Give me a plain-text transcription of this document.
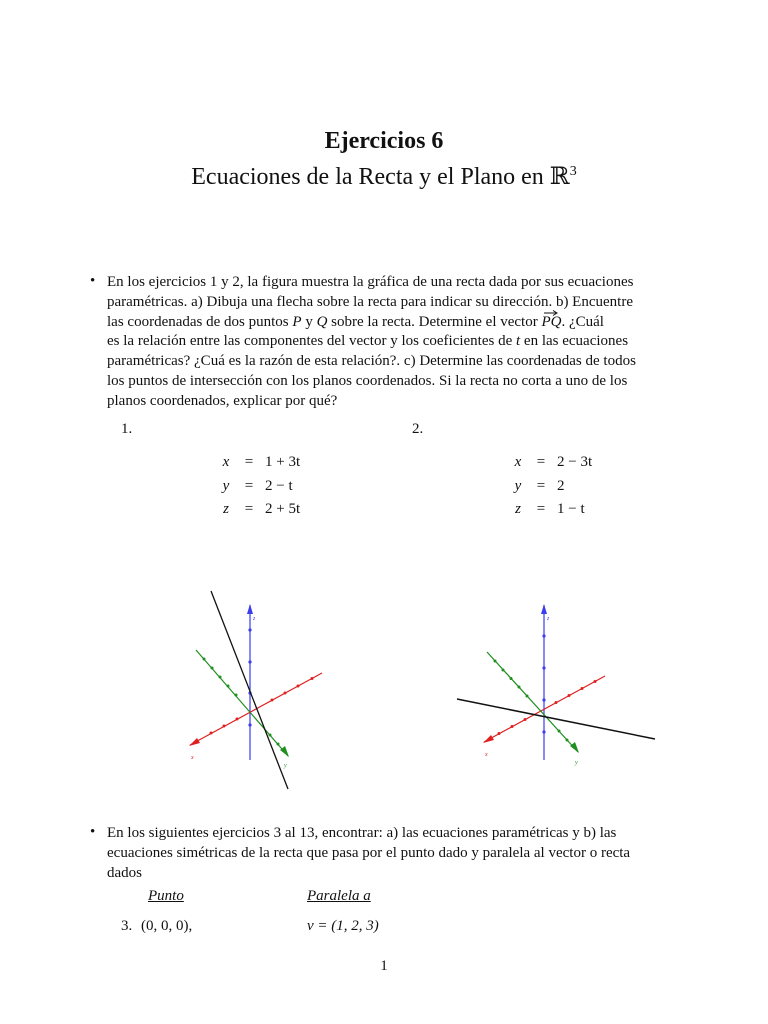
Ejercicios 6
Ecuaciones de la Recta y el Plano en ℝ$^3$
• En los ejercicios 1 y 2, la figura muestra la gráfica de una recta dada por sus ecuaciones
paramétricas. a) Dibuja una flecha sobre la recta para indicar su dirección. b) Encuentre
las coordenadas de dos puntos P y Q sobre la recta. Determine el vector PQ
. ¿Cuál
es la relación entre las componentes del vector y los coeficientes de t en las ecuaciones
paramétricas? ¿Cuá es la razón de esta relación?. c) Determine las coordenadas de todos
los puntos de intersección con los planos coordenados. Si la recta no corta a uno de los
planos coordenados, explicar por qué?
1.	2.
x	= 1 + 3t
y	= 2 − t
z	= 2 + 5t
x	= 2 − 3t
y	= 2
z	= 1 − t
z
x
y
z
x
y
• En los siguientes ejercicios 3 al 13, encontrar: a) las ecuaciones paramétricas y b) las
ecuaciones simétricas de la recta que pasa por el punto dado y paralela al vector o recta
dados
Punto	Paralela a
3. (0, 0, 0),	v = (1, 2, 3)
1
